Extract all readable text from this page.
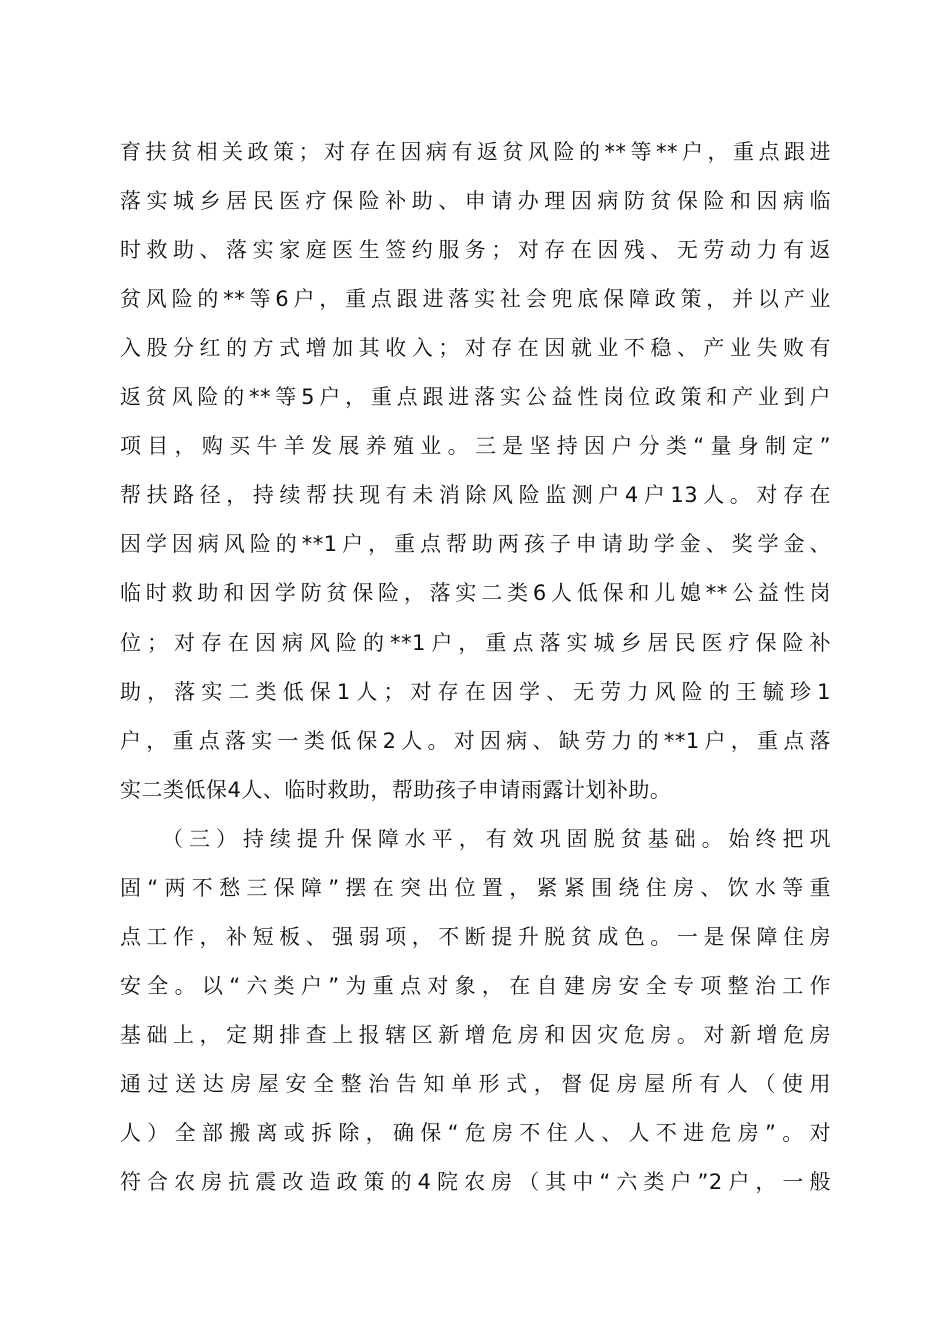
育扶贫相关政策；对存在因病有返贫风险的**等**户，重点跟进
落实城乡居民医疗保险补助、申请办理因病防贫保险和因病临
时救助、落实家庭医生签约服务；对存在因残、无劳动力有返
贫风险的**等6户，重点跟进落实社会兜底保障政策，并以产业
入股分红的方式增加其收入；对存在因就业不稳、产业失败有
返贫风险的**等5户，重点跟进落实公益性岗位政策和产业到户
项目，购买牛羊发展养殖业。三是坚持因户分类“量身制定”
帮扶路径，持续帮扶现有未消除风险监测户4户13人。对存在
因学因病风险的**1户，重点帮助两孩子申请助学金、奖学金、
临时救助和因学防贫保险，落实二类6人低保和儿媳**公益性岗
位；对存在因病风险的**1户，重点落实城乡居民医疗保险补
助，落实二类低保1人；对存在因学、无劳力风险的王毓珍1
户，重点落实一类低保2人。对因病、缺劳力的**1户，重点落
实二类低保4人、临时救助，帮助孩子申请雨露计划补助。
（三）持续提升保障水平，有效巩固脱贫基础。始终把巩
固“两不愁三保障”摆在突出位置，紧紧围绕住房、饮水等重
点工作，补短板、强弱项，不断提升脱贫成色。一是保障住房
安全。以“六类户”为重点对象，在自建房安全专项整治工作
基础上，定期排查上报辖区新增危房和因灾危房。对新增危房
通过送达房屋安全整治告知单形式，督促房屋所有人（使用
人）全部搬离或拆除，确保“危房不住人、人不进危房”。对
符合农房抗震改造政策的4院农房（其中“六类户”2户，一般
